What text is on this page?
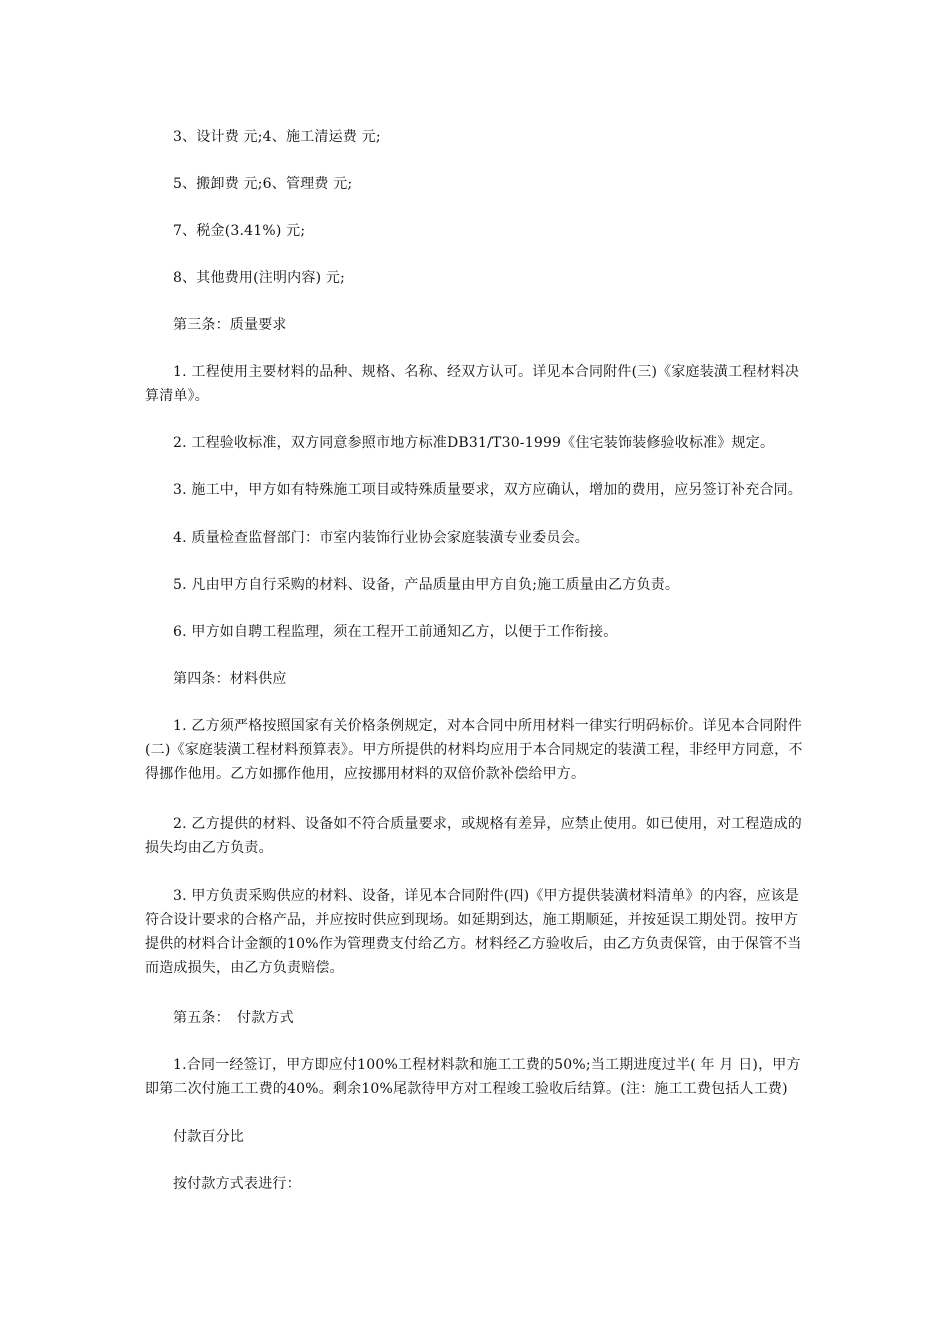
3、设计费 元;4、施工清运费 元;

5、搬卸费 元;6、管理费 元;

7、税金(3.41%) 元;

8、其他费用(注明内容) 元;

第三条：质量要求

1. 工程使用主要材料的品种、规格、名称、经双方认可。详见本合同附件(三)《家庭装潢工程材料决算清单》。

2. 工程验收标准，双方同意参照市地方标准DB31/T30-1999《住宅装饰装修验收标准》规定。

3. 施工中，甲方如有特殊施工项目或特殊质量要求，双方应确认，增加的费用，应另签订补充合同。

4. 质量检查监督部门：市室内装饰行业协会家庭装潢专业委员会。

5. 凡由甲方自行采购的材料、设备，产品质量由甲方自负;施工质量由乙方负责。

6. 甲方如自聘工程监理，须在工程开工前通知乙方，以便于工作衔接。

第四条：材料供应

1. 乙方须严格按照国家有关价格条例规定，对本合同中所用材料一律实行明码标价。详见本合同附件(二)《家庭装潢工程材料预算表》。甲方所提供的材料均应用于本合同规定的装潢工程，非经甲方同意，不得挪作他用。乙方如挪作他用，应按挪用材料的双倍价款补偿给甲方。

2. 乙方提供的材料、设备如不符合质量要求，或规格有差异，应禁止使用。如已使用，对工程造成的损失均由乙方负责。

3. 甲方负责采购供应的材料、设备，详见本合同附件(四)《甲方提供装潢材料清单》的内容，应该是符合设计要求的合格产品，并应按时供应到现场。如延期到达，施工期顺延，并按延误工期处罚。按甲方提供的材料合计金额的10%作为管理费支付给乙方。材料经乙方验收后，由乙方负责保管，由于保管不当而造成损失，由乙方负责赔偿。

第五条：　付款方式

1.合同一经签订，甲方即应付100%工程材料款和施工工费的50%;当工期进度过半( 年 月 日)，甲方即第二次付施工工费的40%。剩余10%尾款待甲方对工程竣工验收后结算。(注：施工工费包括人工费)

付款百分比

按付款方式表进行：
